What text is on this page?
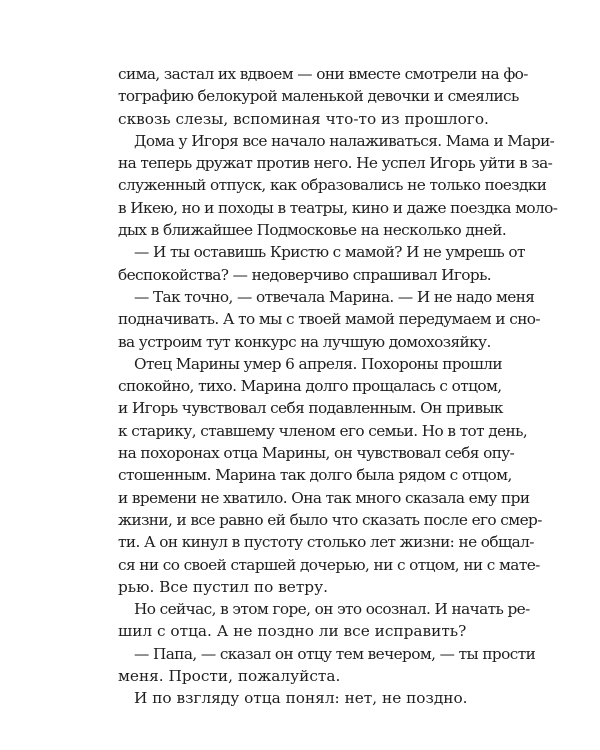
сима, застал их вдвоем — они вместе смотрели на фо-
тографию белокурой маленькой девочки и смеялись
сквозь слезы, вспоминая что-то из прошлого.
Дома у Игоря все начало налаживаться. Мама и Мари-
на теперь дружат против него. Не успел Игорь уйти в за-
служенный отпуск, как образовались не только поездки
в Икею, но и походы в театры, кино и даже поездка моло-
дых в ближайшее Подмосковье на несколько дней.
— И ты оставишь Кристю с мамой? И не умрешь от
беспокойства? — недоверчиво спрашивал Игорь.
— Так точно, — отвечала Марина. — И не надо меня
подначивать. А то мы с твоей мамой передумаем и сно-
ва устроим тут конкурс на лучшую домохозяйку.
Отец Марины умер 6 апреля. Похороны прошли
спокойно, тихо. Марина долго прощалась с отцом,
и Игорь чувствовал себя подавленным. Он привык
к старику, ставшему членом его семьи. Но в тот день,
на похоронах отца Марины, он чувствовал себя опу-
стошенным. Марина так долго была рядом с отцом,
и времени не хватило. Она так много сказала ему при
жизни, и все равно ей было что сказать после его смер-
ти. А он кинул в пустоту столько лет жизни: не общал-
ся ни со своей старшей дочерью, ни с отцом, ни с мате-
рью. Все пустил по ветру.
Но сейчас, в этом горе, он это осознал. И начать ре-
шил с отца. А не поздно ли все исправить?
— Папа, — сказал он отцу тем вечером, — ты прости
меня. Прости, пожалуйста.
И по взгляду отца понял: нет, не поздно.
